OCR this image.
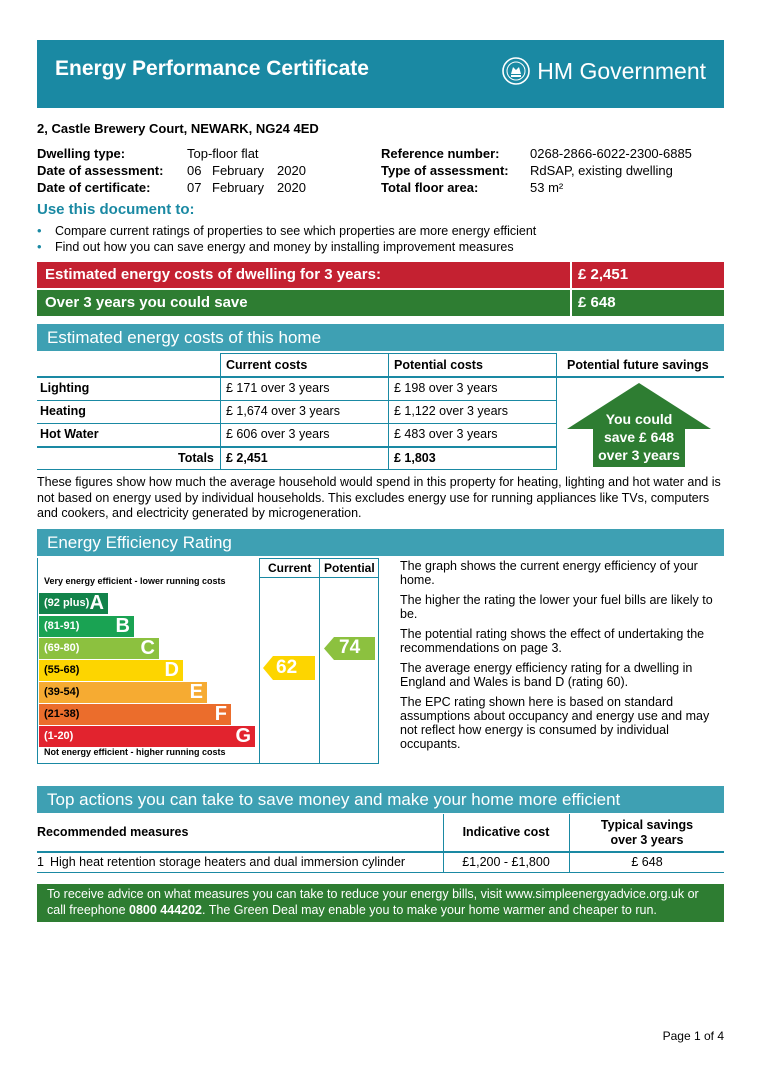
Energy Performance Certificate	HM Government
2, Castle Brewery Court, NEWARK, NG24 4ED
Dwelling type:	Top-floor flat
Date of assessment: 06 February 2020
Date of certificate:	07 February 2020
Reference number: 0268-2866-6022-2300-6885
Type of assessment: RdSAP, existing dwelling
Total floor area:	53 m²
Use this document to:
• Compare current ratings of properties to see which properties are more energy efficient
• Find out how you can save energy and money by installing improvement measures
Estimated energy costs of dwelling for 3 years:	£ 2,451
Over 3 years you could save	£ 648
Estimated energy costs of this home
Current costs	Potential costs	Potential future savings
Lighting	£ 171 over 3 years	£ 198 over 3 years
Heating	£ 1,674 over 3 years	£ 1,122 over 3 years
Hot Water	£ 606 over 3 years	£ 483 over 3 years
Totals £ 2,451	£ 1,803
You could
save £ 648
over 3 years
These figures show how much the average household would spend in this property for heating, lighting and hot water and is not based on energy used by individual households. This excludes energy use for running appliances like TVs, computers and cookers, and electricity generated by microgeneration.
Energy Efficiency Rating
Current Potential
Very energy efficient - lower running costs
Not energy efficient - higher running costs
(92 plus) A
(81-91) B
(69-80)	C
(55-68)	D
(39-54)	E
(21-38)	F
(1-20)	G
62
74

The graph shows the current energy efficiency of your home.

The higher the rating the lower your fuel bills are likely to be.

The potential rating shows the effect of undertaking the recommendations on page 3.

The average energy efficiency rating for a dwelling in England and Wales is band D (rating 60).

The EPC rating shown here is based on standard assumptions about occupancy and energy use and may not reflect how energy is consumed by individual occupants.

Top actions you can take to save money and make your home more efficient
Recommended measures	Indicative cost	Typical savings
over 3 years
1 High heat retention storage heaters and dual immersion cylinder	£1,200 - £1,800	£ 648
To receive advice on what measures you can take to reduce your energy bills, visit www.simpleenergyadvice.org.uk or call freephone 0800 444202. The Green Deal may enable you to make your home warmer and cheaper to run.
Page 1 of 4
